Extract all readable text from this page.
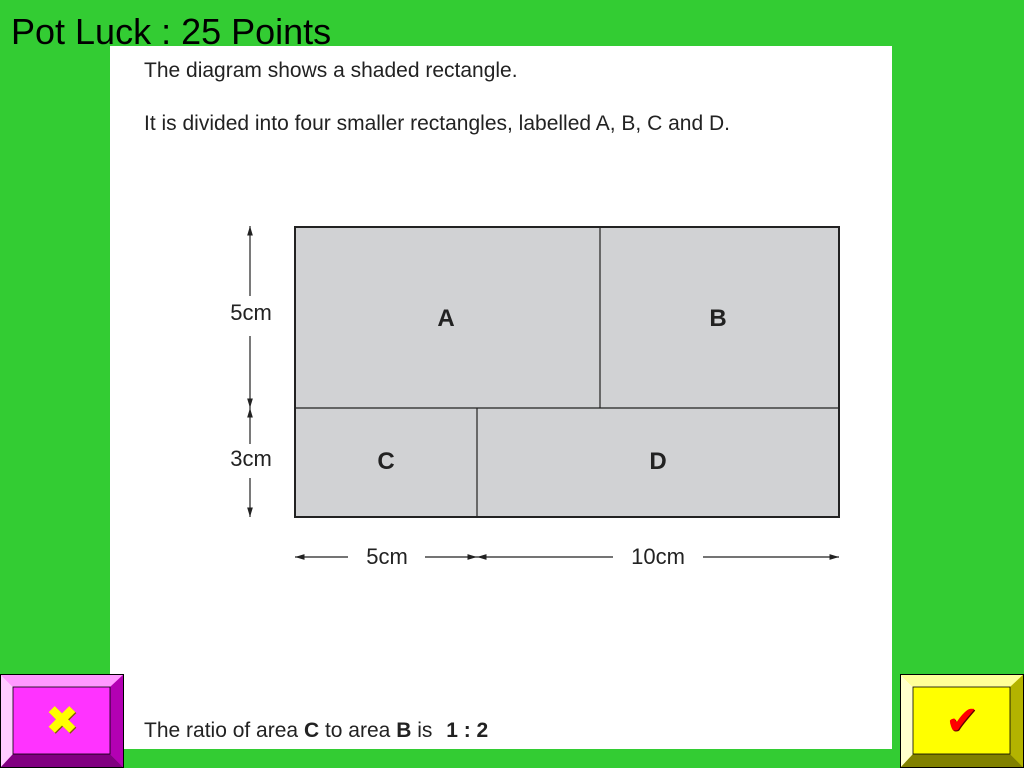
Pot Luck : 25 Points
The diagram shows a shaded rectangle.
It is divided into four smaller rectangles, labelled A, B, C and D.
A	B
C	D
5cm
3cm
5cm	10cm
The ratio of area C to area B is 1 : 2
✖	✔
